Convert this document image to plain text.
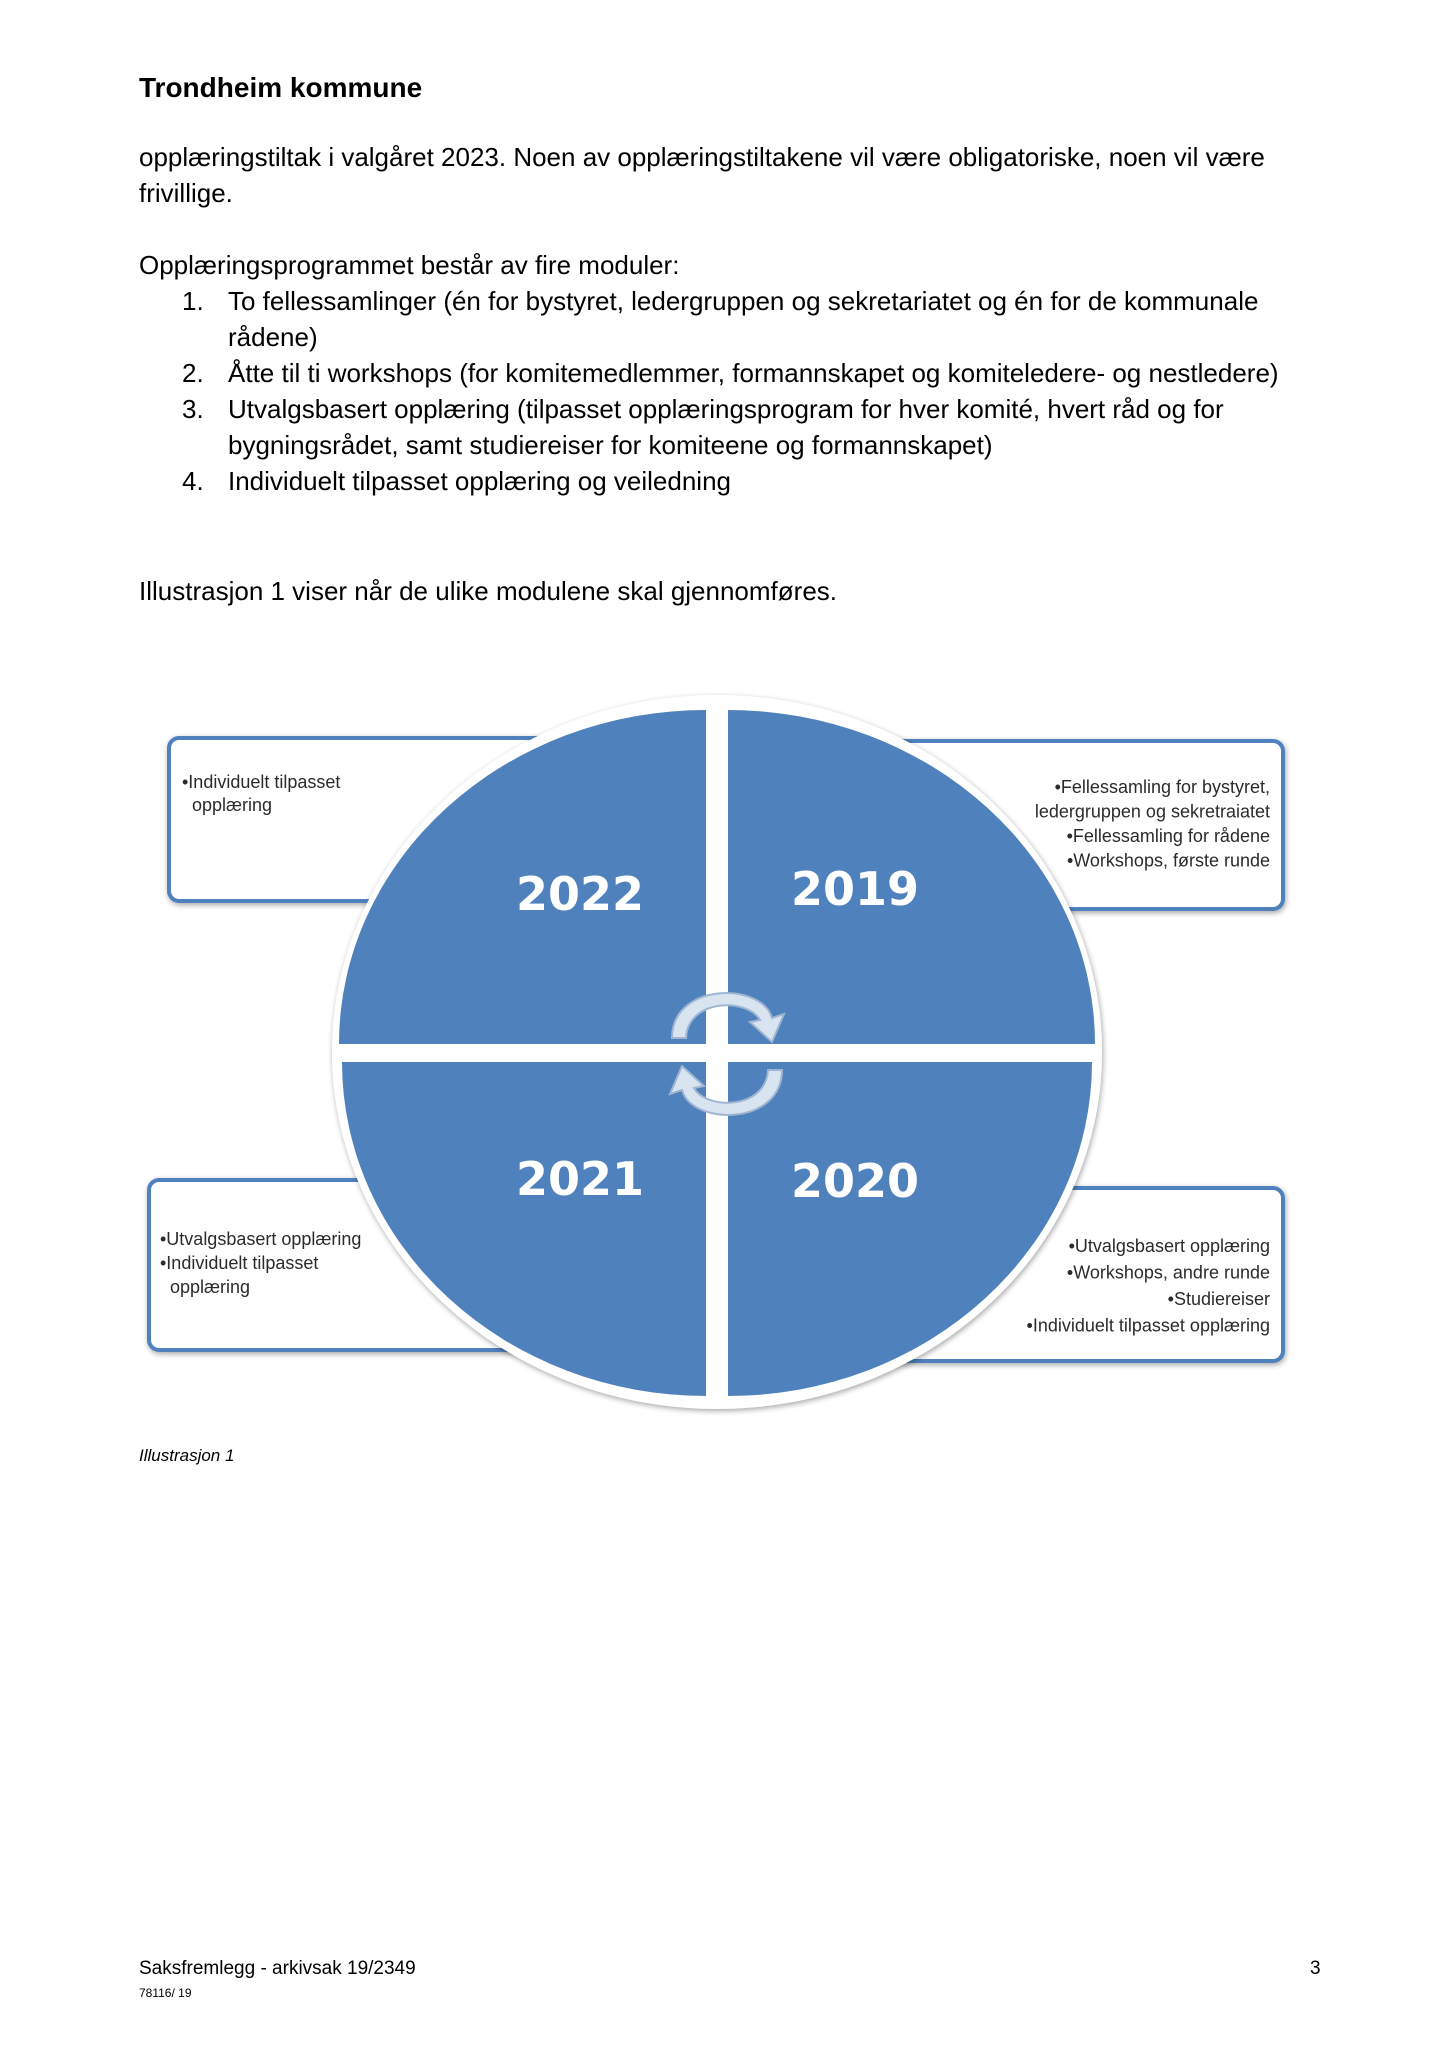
Trondheim kommune

opplæringstiltak i valgåret 2023. Noen av opplæringstiltakene vil være obligatoriske, noen vil være frivillige.

Opplæringsprogrammet består av fire moduler:

1. To fellessamlinger (én for bystyret, ledergruppen og sekretariatet og én for de kommunale rådene)
2. Åtte til ti workshops (for komitemedlemmer, formannskapet og komiteledere- og nestledere)
3. Utvalgsbasert opplæring (tilpasset opplæringsprogram for hver komité, hvert råd og for bygningsrådet, samt studiereiser for komiteene og formannskapet)
4. Individuelt tilpasset opplæring og veiledning

Illustrasjon 1 viser når de ulike modulene skal gjennomføres.

2022	2019
2021	2020
•Individuelt tilpasset opplæring
•Fellessamling for bystyret, ledergruppen og sekretraiatet •Fellessamling for rådene •Workshops, første runde
•Utvalgsbasert opplæring •Individuelt tilpasset opplæring
•Utvalgsbasert opplæring •Workshops, andre runde •Studiereiser •Individuelt tilpasset opplæring
Illustrasjon 1
Saksfremlegg - arkivsak 19/2349
78116/ 19
3
